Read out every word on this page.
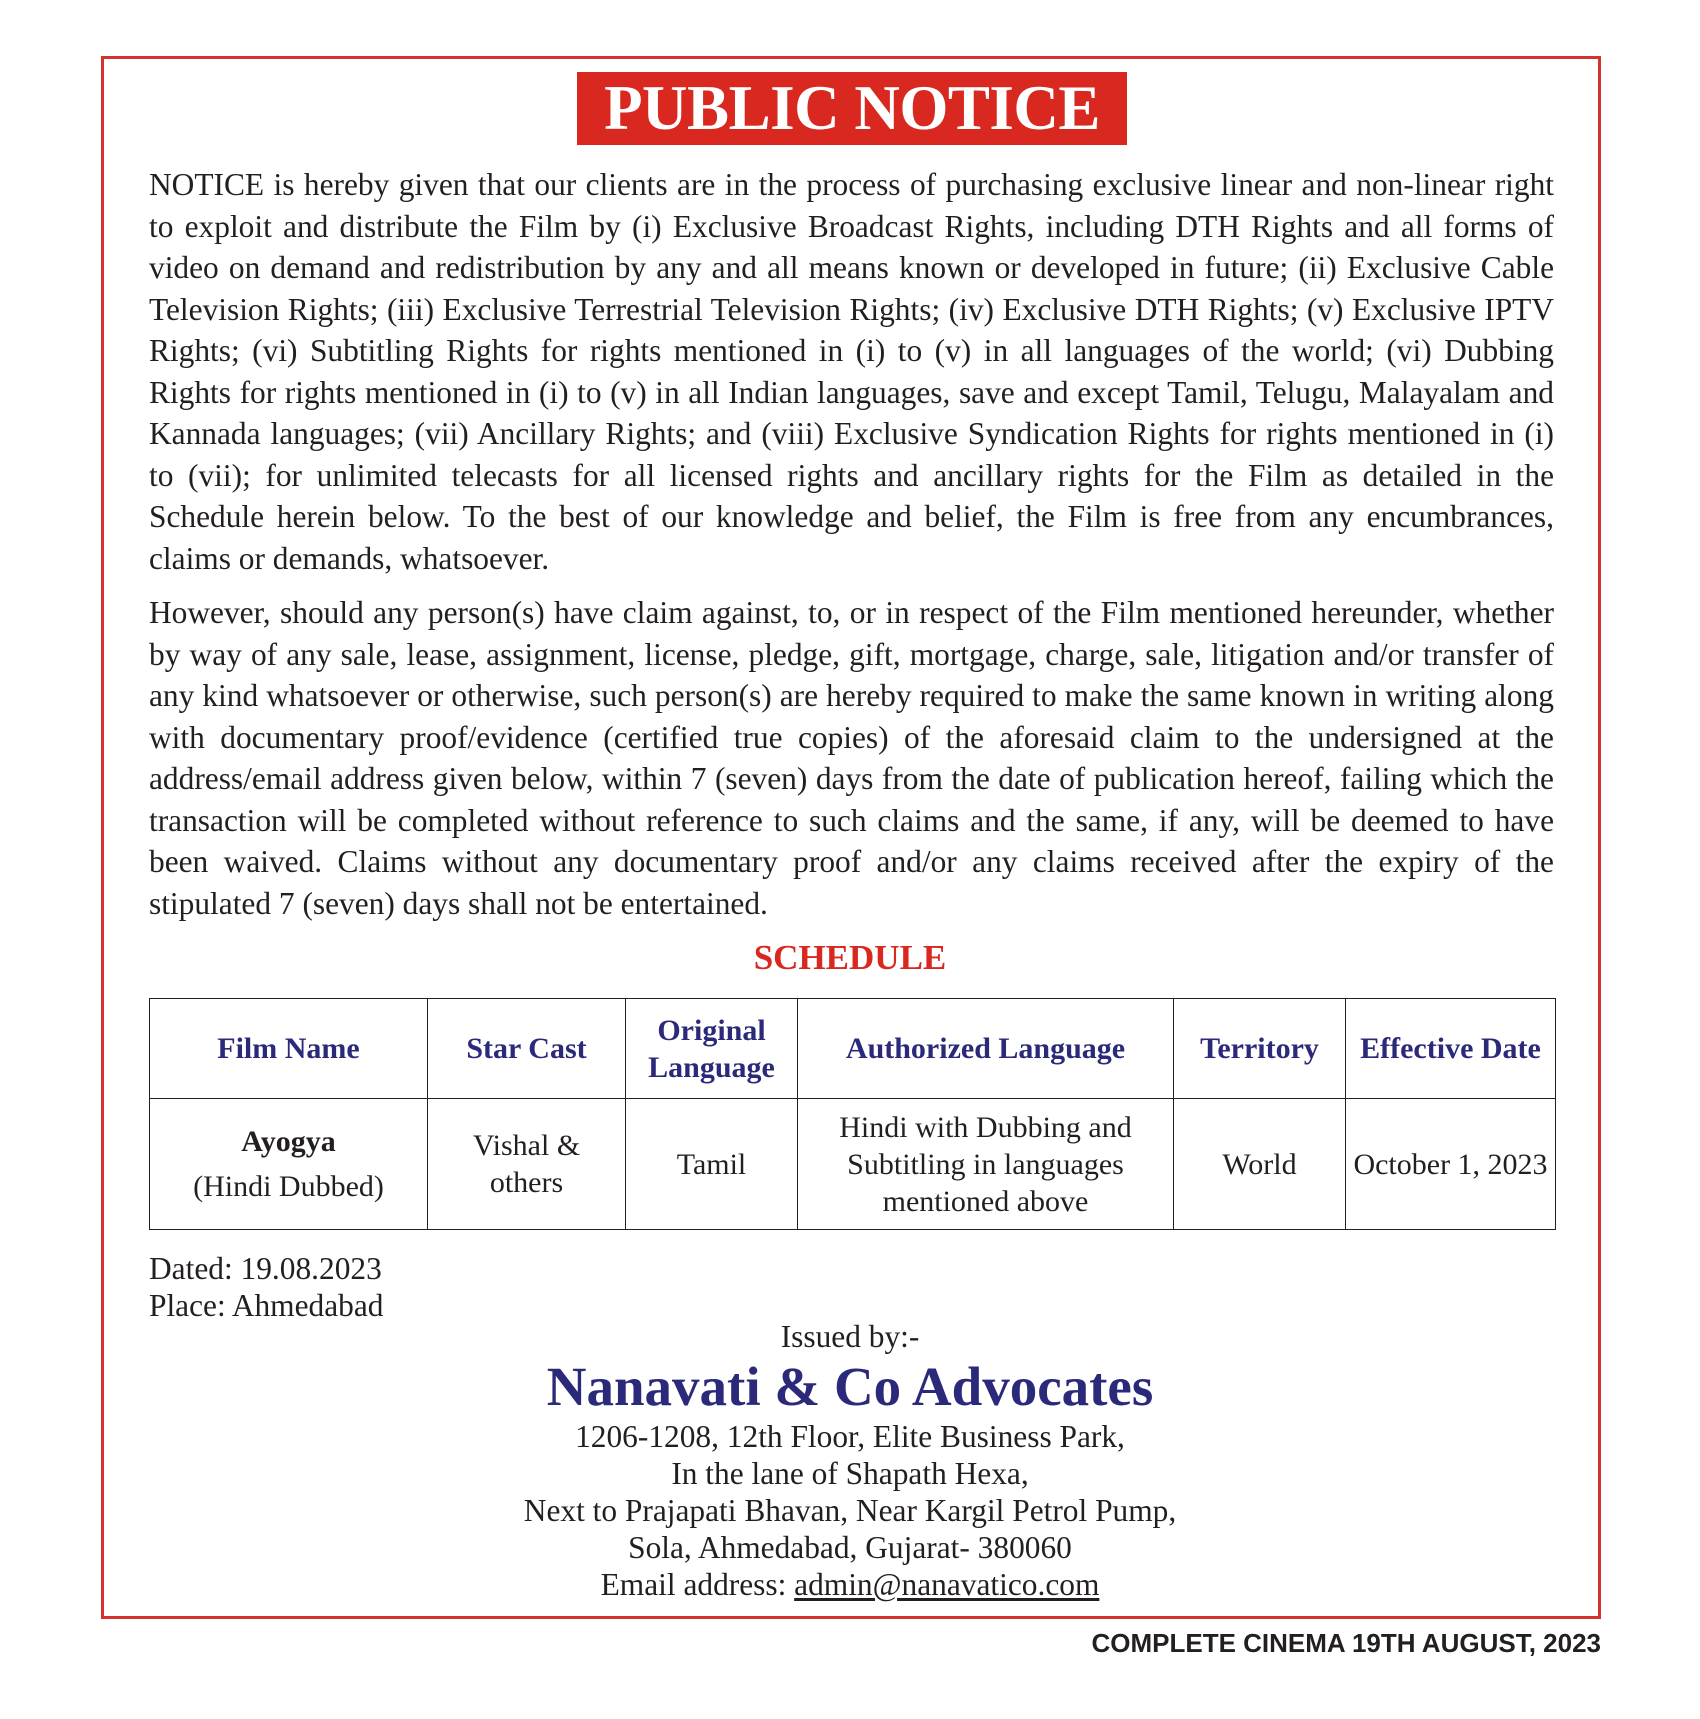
PUBLIC NOTICE

NOTICE is hereby given that our clients are in the process of purchasing exclusive linear and non-linear right to exploit and distribute the Film by (i) Exclusive Broadcast Rights, including DTH Rights and all forms of video on demand and redistribution by any and all means known or developed in future; (ii) Exclusive Cable Television Rights; (iii) Exclusive Terrestrial Television Rights; (iv) Exclusive DTH Rights; (v) Exclusive IPTV Rights; (vi) Subtitling Rights for rights mentioned in (i) to (v) in all languages of the world; (vi) Dubbing Rights for rights mentioned in (i) to (v) in all Indian languages, save and except Tamil, Telugu, Malayalam and Kannada languages; (vii) Ancillary Rights; and (viii) Exclusive Syndication Rights for rights mentioned in (i) to (vii); for unlimited telecasts for all licensed rights and ancillary rights for the Film as detailed in the Schedule herein below. To the best of our knowledge and belief, the Film is free from any encumbrances, claims or demands, whatsoever.

However, should any person(s) have claim against, to, or in respect of the Film mentioned hereunder, whether by way of any sale, lease, assignment, license, pledge, gift, mortgage, charge, sale, litigation and/or transfer of any kind whatsoever or otherwise, such person(s) are hereby required to make the same known in writing along with documentary proof/evidence (certified true copies) of the aforesaid claim to the undersigned at the address/email address given below, within 7 (seven) days from the date of publication hereof, failing which the transaction will be completed without reference to such claims and the same, if any, will be deemed to have been waived. Claims without any documentary proof and/or any claims received after the expiry of the stipulated 7 (seven) days shall not be entertained.

SCHEDULE
Film Name	Star Cast	Original Language	Authorized Language	Territory	Effective Date

Ayogya
(Hindi Dubbed)	Vishal & others	Tamil	Hindi with Dubbing and Subtitling in languages mentioned above	World	October 1, 2023
Dated: 19.08.2023
Place: Ahmedabad
Issued by:-
Nanavati & Co Advocates
1206-1208, 12th Floor, Elite Business Park,
In the lane of Shapath Hexa,
Next to Prajapati Bhavan, Near Kargil Petrol Pump,
Sola, Ahmedabad, Gujarat- 380060
Email address: admin@nanavatico.com
COMPLETE CINEMA 19TH AUGUST, 2023
